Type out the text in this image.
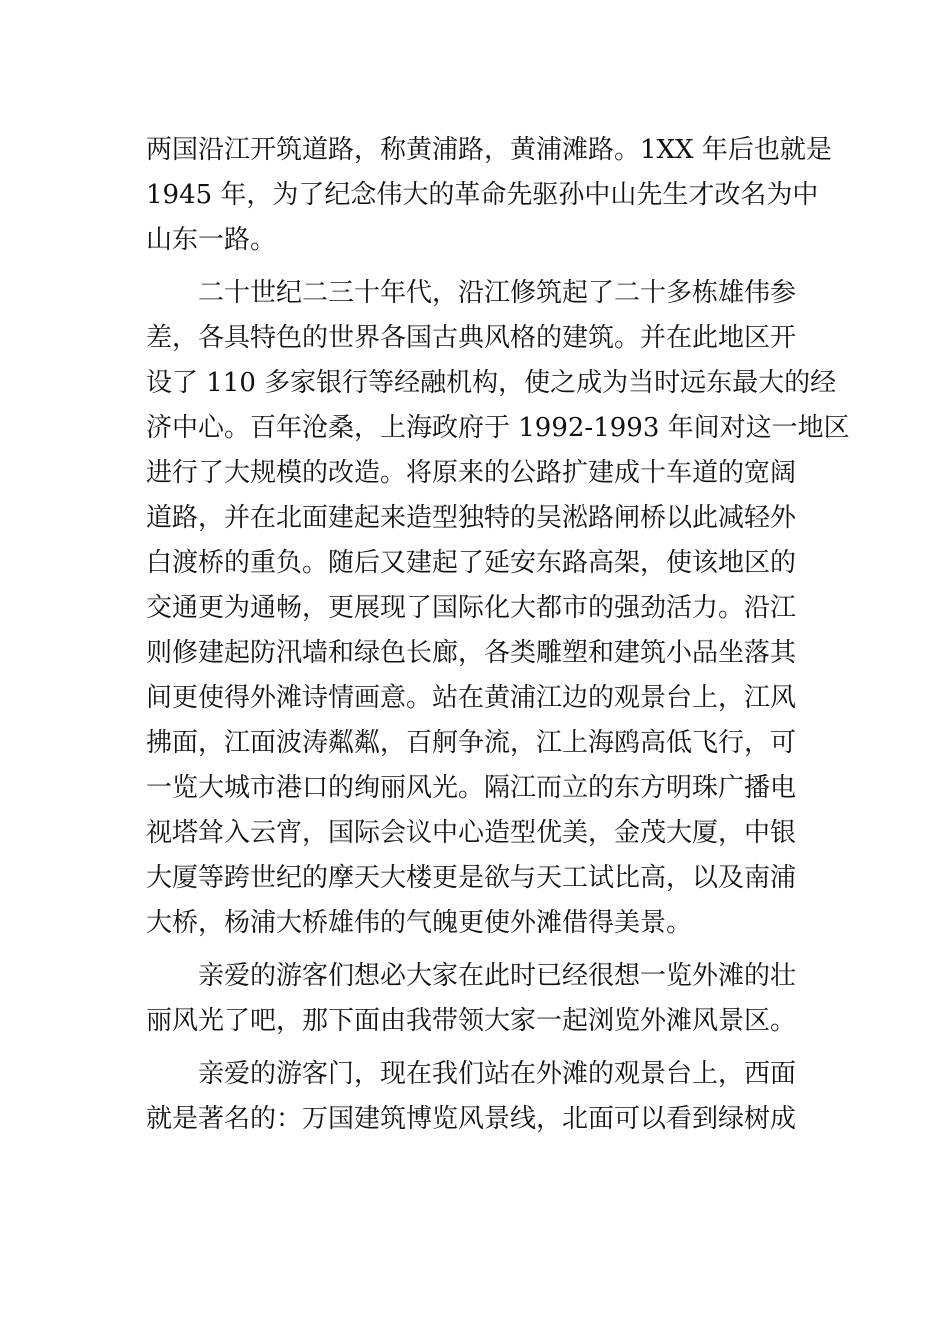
两国沿江开筑道路，称黄浦路，黄浦滩路。1XX 年后也就是
1945 年，为了纪念伟大的革命先驱孙中山先生才改名为中
山东一路。
二十世纪二三十年代，沿江修筑起了二十多栋雄伟参
差，各具特色的世界各国古典风格的建筑。并在此地区开
设了 110 多家银行等经融机构，使之成为当时远东最大的经
济中心。百年沧桑，上海政府于 1992-1993 年间对这一地区
进行了大规模的改造。将原来的公路扩建成十车道的宽阔
道路，并在北面建起来造型独特的吴淞路闸桥以此减轻外
白渡桥的重负。随后又建起了延安东路高架，使该地区的
交通更为通畅，更展现了国际化大都市的强劲活力。沿江
则修建起防汛墙和绿色长廊，各类雕塑和建筑小品坐落其
间更使得外滩诗情画意。站在黄浦江边的观景台上，江风
拂面，江面波涛粼粼，百舸争流，江上海鸥高低飞行，可
一览大城市港口的绚丽风光。隔江而立的东方明珠广播电
视塔耸入云宵，国际会议中心造型优美，金茂大厦，中银
大厦等跨世纪的摩天大楼更是欲与天工试比高，以及南浦
大桥，杨浦大桥雄伟的气魄更使外滩借得美景。
亲爱的游客们想必大家在此时已经很想一览外滩的壮
丽风光了吧，那下面由我带领大家一起浏览外滩风景区。
亲爱的游客门，现在我们站在外滩的观景台上，西面
就是著名的：万国建筑博览风景线，北面可以看到绿树成
